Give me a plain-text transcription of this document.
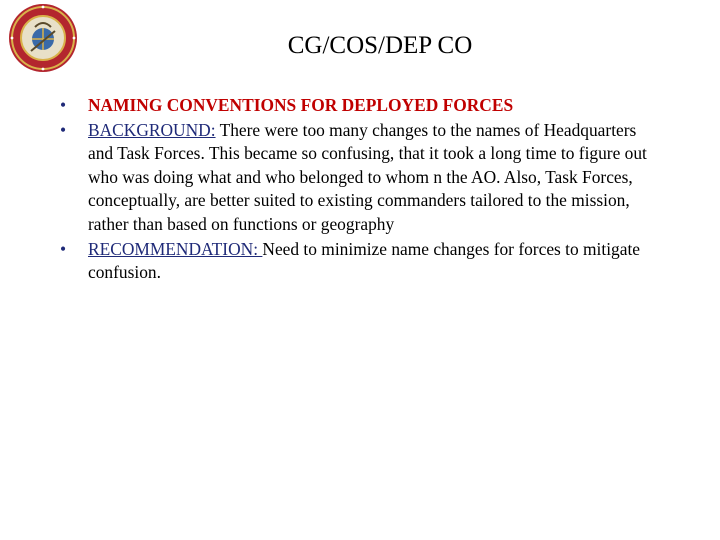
CG/COS/DEP CO
• NAMING CONVENTIONS FOR DEPLOYED FORCES
• BACKGROUND: There were too many changes to the names of Headquarters and Task Forces. This became so confusing, that it took a long time to figure out who was doing what and who belonged to whom n the AO. Also, Task Forces, conceptually, are better suited to existing commanders tailored to the mission, rather than based on functions or geography
• RECOMMENDATION: Need to minimize name changes for forces to mitigate confusion.
